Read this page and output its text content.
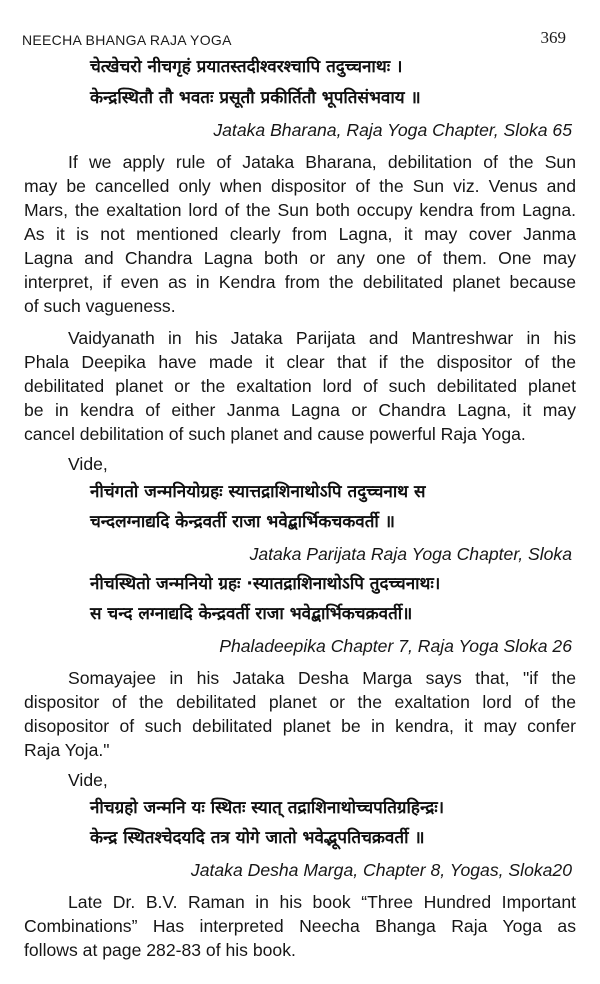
NEECHA BHANGA RAJA YOGA	369
चेत्खेचरो नीचगृहं प्रयातस्तदीश्वरश्चापि तदुच्चनाथः ।
केन्द्रस्थितौ तौ भवतः प्रसूतौ प्रकीर्तितौ भूपतिसंभवाय ॥
Jataka Bharana, Raja Yoga Chapter, Sloka 65
If we apply rule of Jataka Bharana, debilitation of the Sun
may be cancelled only when dispositor of the Sun viz. Venus and
Mars, the exaltation lord of the Sun both occupy kendra from Lagna.
As it is not mentioned clearly from Lagna, it may cover Janma
Lagna and Chandra Lagna both or any one of them. One may
interpret, if even as in Kendra from the debilitated planet because
of such vagueness.
Vaidyanath in his Jataka Parijata and Mantreshwar in his
Phala Deepika have made it clear that if the dispositor of the
debilitated planet or the exaltation lord of such debilitated planet
be in kendra of either Janma Lagna or Chandra Lagna, it may
cancel debilitation of such planet and cause powerful Raja Yoga.
Vide,
नीचंगतो जन्मनियोग्रहः स्यात्तद्राशिनाथोऽपि तदुच्चनाथ स
चन्दलग्नाद्यदि केन्द्रवर्ती राजा भवेद्बार्भिकचकवर्ती ॥
Jataka Parijata Raja Yoga Chapter, Sloka
नीचस्थितो जन्मनियो ग्रहः ·स्यातद्राशिनाथोऽपि तुदच्चनाथः।
स चन्द लग्नाद्यदि केन्द्रवर्ती राजा भवेद्बार्भिकचक्रवर्ती॥
Phaladeepika Chapter 7, Raja Yoga Sloka 26
Somayajee in his Jataka Desha Marga says that, "if the
dispositor of the debilitated planet or the exaltation lord of the
disopositor of such debilitated planet be in kendra, it may confer
Raja Yoja."
Vide,
नीचग्रहो जन्मनि यः स्थितः स्यात् तद्राशिनाथोच्चपतिग्रहिन्द्रः।
केन्द्र स्थितश्चेदयदि तत्र योगे जातो भवेद्भूपतिचक्रवर्ती ॥
Jataka Desha Marga, Chapter 8, Yogas, Sloka20
Late Dr. B.V. Raman in his book “Three Hundred Important
Combinations” Has interpreted Neecha Bhanga Raja Yoga as
follows at page 282-83 of his book.
